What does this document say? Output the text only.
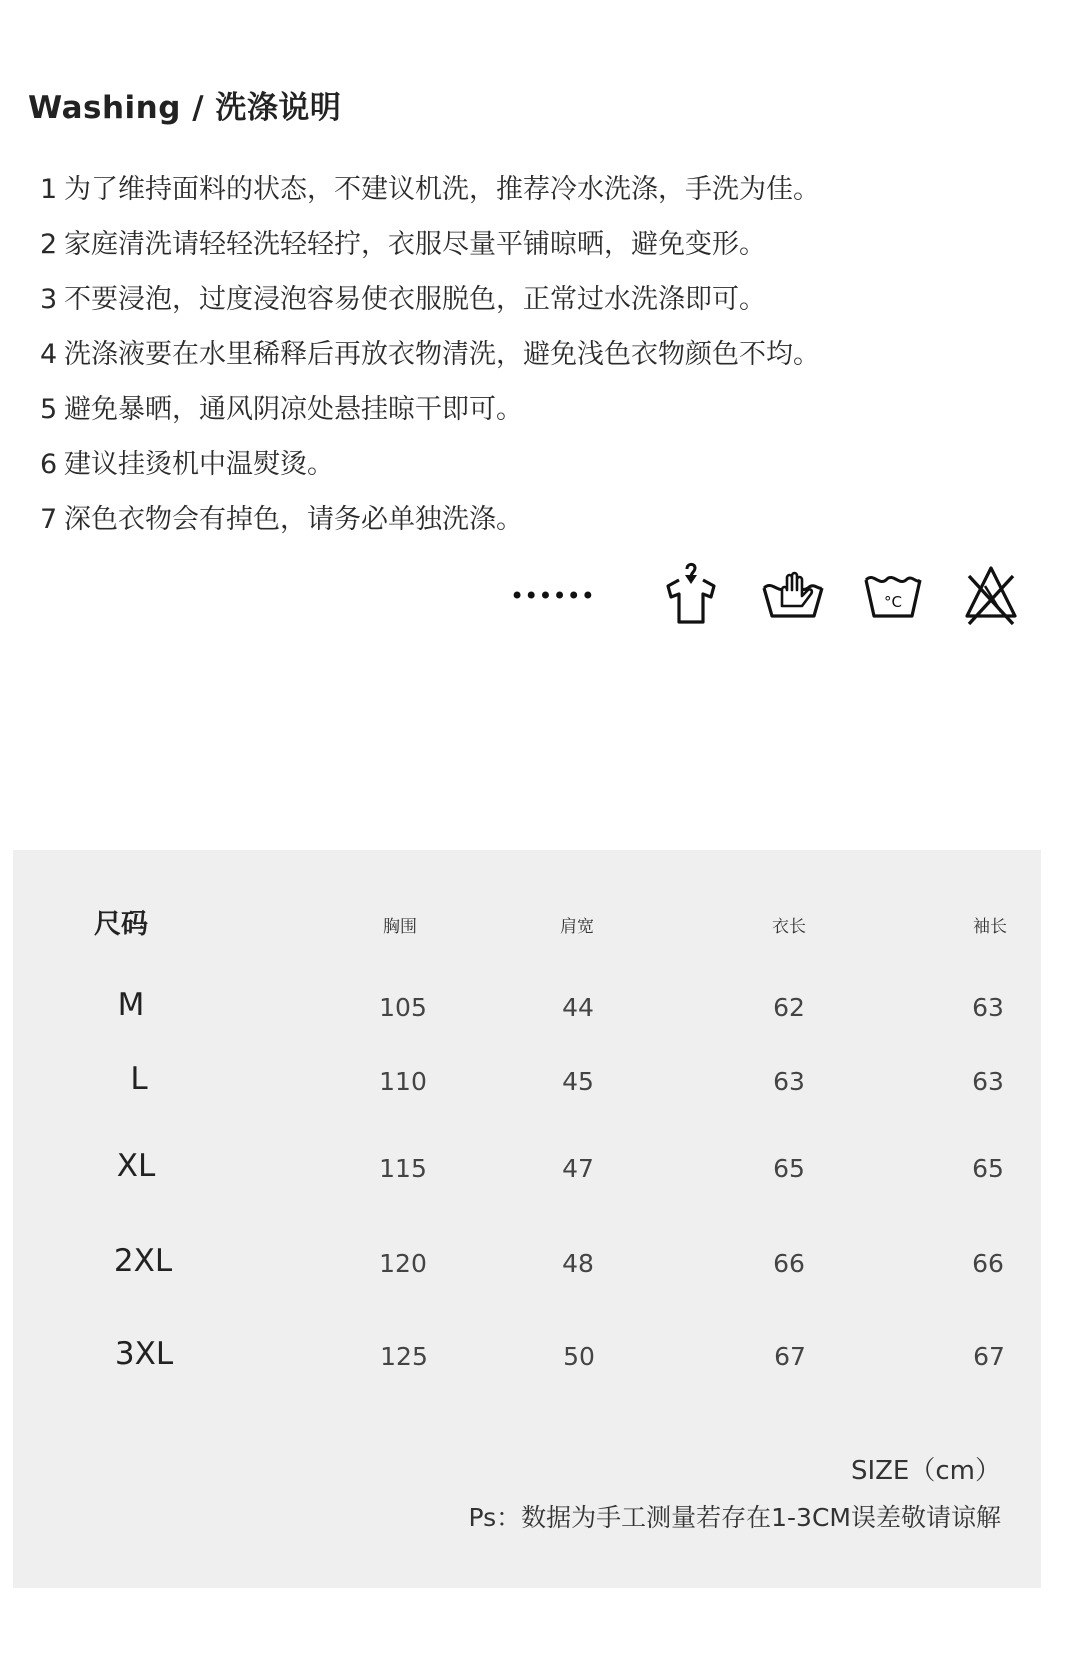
Washing / 洗涤说明
1 为了维持面料的状态，不建议机洗，推荐冷水洗涤，手洗为佳。
2 家庭清洗请轻轻洗轻轻拧，衣服尽量平铺晾晒，避免变形。
3 不要浸泡，过度浸泡容易使衣服脱色，正常过水洗涤即可。
4 洗涤液要在水里稀释后再放衣物清洗，避免浅色衣物颜色不均。
5 避免暴晒，通风阴凉处悬挂晾干即可。
6 建议挂烫机中温熨烫。
7 深色衣物会有掉色，请务必单独洗涤。
••••••	°C
尺码	胸围	肩宽	衣长	袖长
M	105	44	62	63
L	110	45	63	63
XL	115	47	65	65
2XL	120	48	66	66
3XL	125	50	67	67
SIZE（cm）
Ps：数据为手工测量若存在1-3CM误差敬请谅解
